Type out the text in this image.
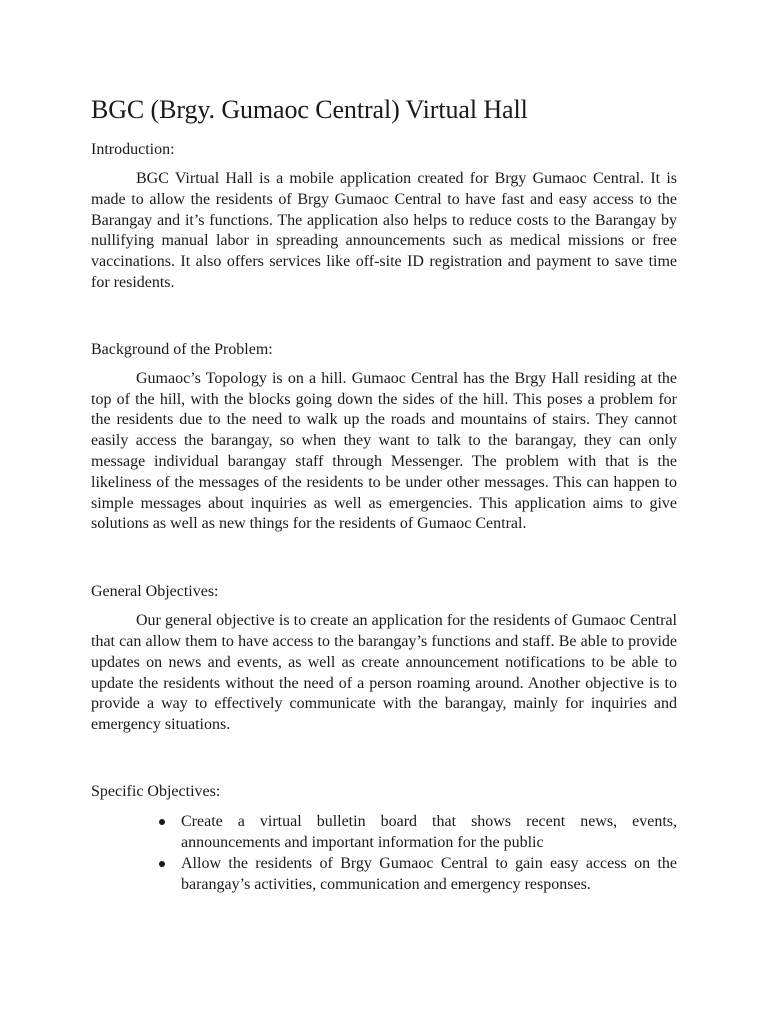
BGC (Brgy. Gumaoc Central) Virtual Hall
Introduction:

BGC Virtual Hall is a mobile application created for Brgy Gumaoc Central. It is made to allow the residents of Brgy Gumaoc Central to have fast and easy access to the Barangay and it’s functions. The application also helps to reduce costs to the Barangay by nullifying manual labor in spreading announcements such as medical missions or free vaccinations. It also offers services like off-site ID registration and payment to save time for residents.

Background of the Problem:

Gumaoc’s Topology is on a hill. Gumaoc Central has the Brgy Hall residing at the top of the hill, with the blocks going down the sides of the hill. This poses a problem for the residents due to the need to walk up the roads and mountains of stairs. They cannot easily access the barangay, so when they want to talk to the barangay, they can only message individual barangay staff through Messenger. The problem with that is the likeliness of the messages of the residents to be under other messages. This can happen to simple messages about inquiries as well as emergencies. This application aims to give solutions as well as new things for the residents of Gumaoc Central.

General Objectives:

Our general objective is to create an application for the residents of Gumaoc Central that can allow them to have access to the barangay’s functions and staff. Be able to provide updates on news and events, as well as create announcement notifications to be able to update the residents without the need of a person roaming around. Another objective is to provide a way to effectively communicate with the barangay, mainly for inquiries and emergency situations.

Specific Objectives:
Create a virtual bulletin board that shows recent news, events, announcements and important information for the public
Allow the residents of Brgy Gumaoc Central to gain easy access on the barangay’s activities, communication and emergency responses.
